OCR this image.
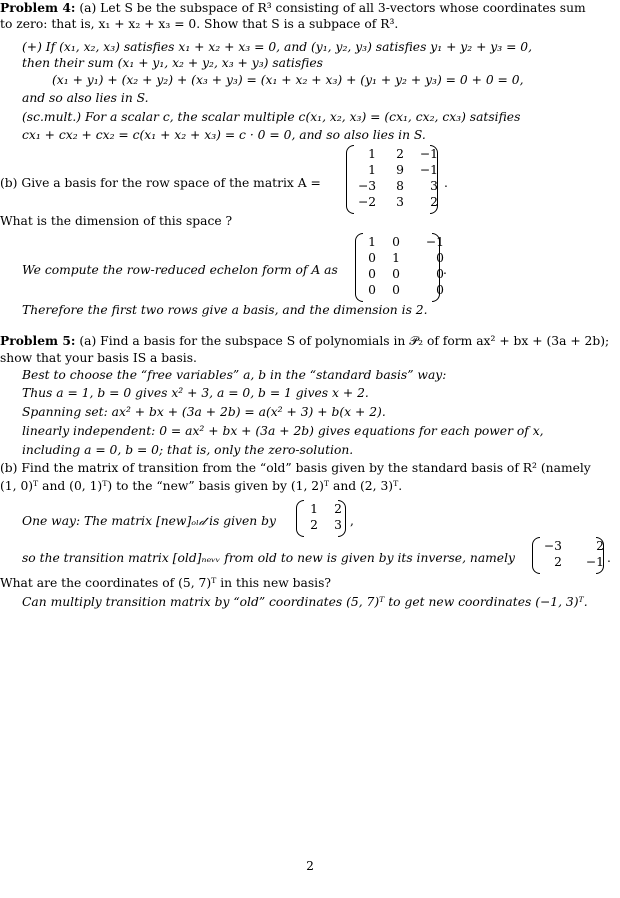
Problem 4: (a) Let S be the subspace of R³ consisting of all 3-vectors whose coordinates sum
to zero: that is, x₁ + x₂ + x₃ = 0. Show that S is a subpace of R³.
(+) If (x₁, x₂, x₃) satisfies x₁ + x₂ + x₃ = 0, and (y₁, y₂, y₃) satisfies y₁ + y₂ + y₃ = 0,
then their sum (x₁ + y₁, x₂ + y₂, x₃ + y₃) satisfies
(x₁ + y₁) + (x₂ + y₂) + (x₃ + y₃) = (x₁ + x₂ + x₃) + (y₁ + y₂ + y₃) = 0 + 0 = 0,
and so also lies in S.
(sc.mult.) For a scalar c, the scalar multiple c(x₁, x₂, x₃) = (cx₁, cx₂, cx₃) satsifies
cx₁ + cx₂ + cx₂ = c(x₁ + x₂ + x₃) = c · 0 = 0, and so also lies in S.
(b) Give a basis for the row space of the matrix A =
1	2	−1
1	9	−1
−3	8	3
−2	3	2
.
What is the dimension of this space ?
We compute the row-reduced echelon form of A as
1	0	−1
0	1	0
0	0	0
0	0	0
.
Therefore the first two rows give a basis, and the dimension is 2.
Problem 5: (a) Find a basis for the subspace S of polynomials in 𝒫₂ of form ax² + bx + (3a + 2b);
show that your basis IS a basis.
Best to choose the “free variables” a, b in the “standard basis” way:
Thus a = 1, b = 0 gives x² + 3, a = 0, b = 1 gives x + 2.
Spanning set: ax² + bx + (3a + 2b) = a(x² + 3) + b(x + 2).
linearly independent: 0 = ax² + bx + (3a + 2b) gives equations for each power of x,
including a = 0, b = 0; that is, only the zero-solution.
(b) Find the matrix of transition from the “old” basis given by the standard basis of R² (namely
(1, 0)ᵀ and (0, 1)ᵀ) to the “new” basis given by (1, 2)ᵀ and (2, 3)ᵀ.
One way: The matrix [new]ₒₗ𝒹 is given by
1	2
2	3 ,
so the transition matrix [old]ₙₑᵥᵥ from old to new is given by its inverse, namely
−3	2
2	−1 .
What are the coordinates of (5, 7)ᵀ in this new basis?
Can multiply transition matrix by “old” coordinates (5, 7)ᵀ to get new coordinates (−1, 3)ᵀ.
2
